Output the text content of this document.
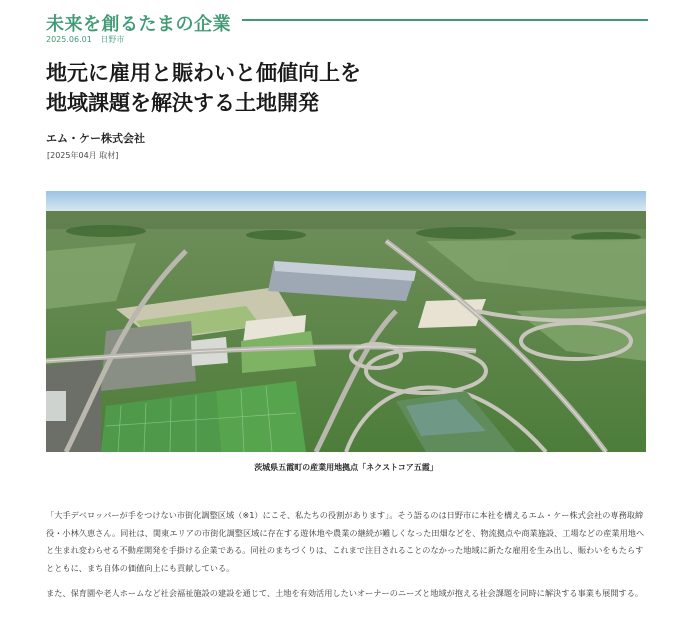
未来を創るたまの企業
2025.06.01 日野市
地元に雇用と賑わいと価値向上を
地域課題を解決する土地開発
エム・ケー株式会社
[2025年04月 取材]
茨城県五霞町の産業用地拠点「ネクストコア五霞」
「大手デベロッパーが手をつけない市街化調整区域（※1）にこそ、私たちの役割があります」。そう語るのは日野市に本社を構えるエム・ケー株式会社の専務取締役・小林久恵さん。同社は、関東エリアの市街化調整区域に存在する遊休地や農業の継続が難しくなった田畑などを、物流拠点や商業施設、工場などの産業用地へと生まれ変わらせる不動産開発を手掛ける企業である。同社のまちづくりは、これまで注目されることのなかった地域に新たな雇用を生み出し、賑わいをもたらすとともに、まち自体の価値向上にも貢献している。
また、保育園や老人ホームなど社会福祉施設の建設を通じて、土地を有効活用したいオーナーのニーズと地域が抱える社会課題を同時に解決する事業も展開する。
